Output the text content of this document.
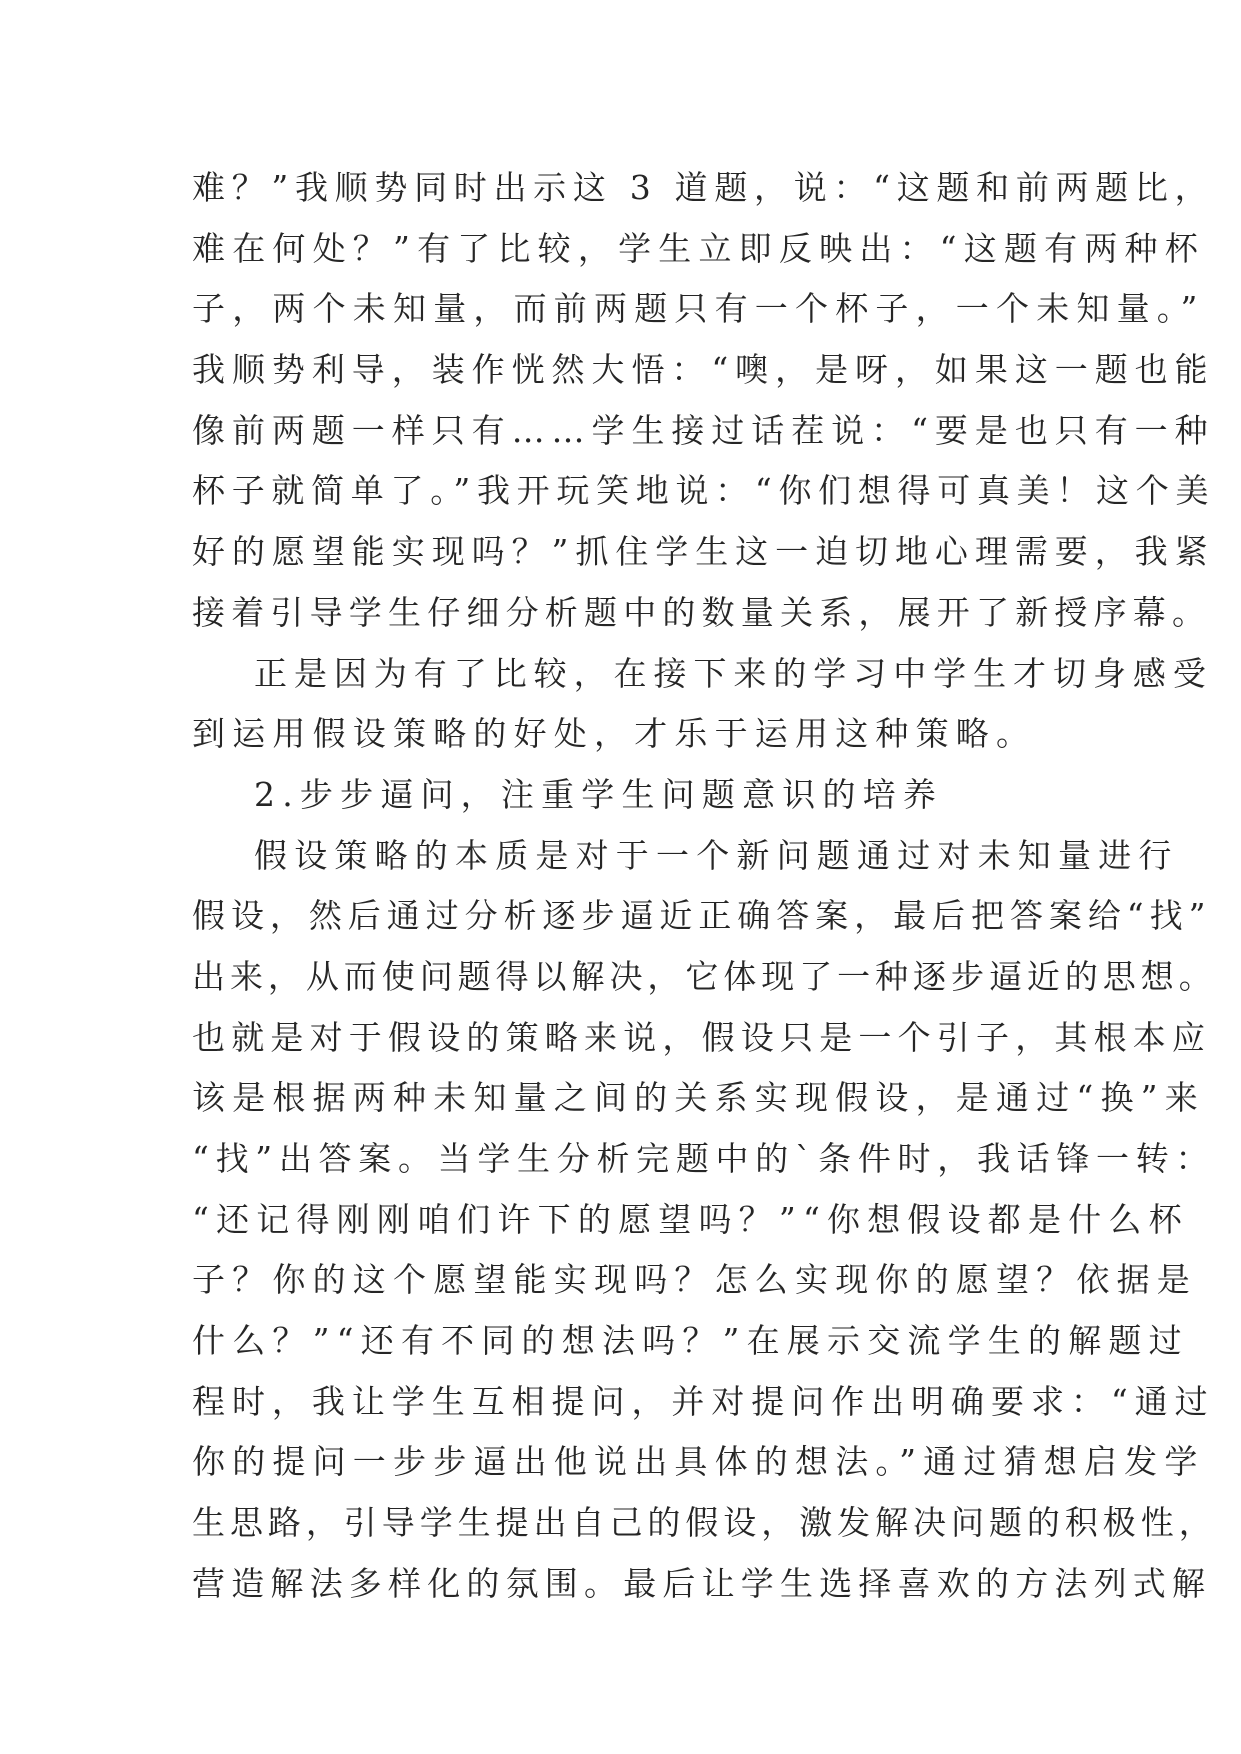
难？”我顺势同时出示这 3 道题，说：“这题和前两题比，
难在何处？”有了比较，学生立即反映出：“这题有两种杯
子，两个未知量，而前两题只有一个杯子，一个未知量。”
我顺势利导，装作恍然大悟：“噢，是呀，如果这一题也能
像前两题一样只有……学生接过话茬说：“要是也只有一种
杯子就简单了。”我开玩笑地说：“你们想得可真美！这个美
好的愿望能实现吗？”抓住学生这一迫切地心理需要，我紧
接着引导学生仔细分析题中的数量关系，展开了新授序幕。
正是因为有了比较，在接下来的学习中学生才切身感受
到运用假设策略的好处，才乐于运用这种策略。
2.步步逼问，注重学生问题意识的培养
假设策略的本质是对于一个新问题通过对未知量进行
假设，然后通过分析逐步逼近正确答案，最后把答案给“找”
出来，从而使问题得以解决，它体现了一种逐步逼近的思想。
也就是对于假设的策略来说，假设只是一个引子，其根本应
该是根据两种未知量之间的关系实现假设，是通过“换”来
“找”出答案。当学生分析完题中的`条件时，我话锋一转：
“还记得刚刚咱们许下的愿望吗？”“你想假设都是什么杯
子？你的这个愿望能实现吗？怎么实现你的愿望？依据是
什么？”“还有不同的想法吗？”在展示交流学生的解题过
程时，我让学生互相提问，并对提问作出明确要求：“通过
你的提问一步步逼出他说出具体的想法。”通过猜想启发学
生思路，引导学生提出自己的假设，激发解决问题的积极性，
营造解法多样化的氛围。最后让学生选择喜欢的方法列式解
